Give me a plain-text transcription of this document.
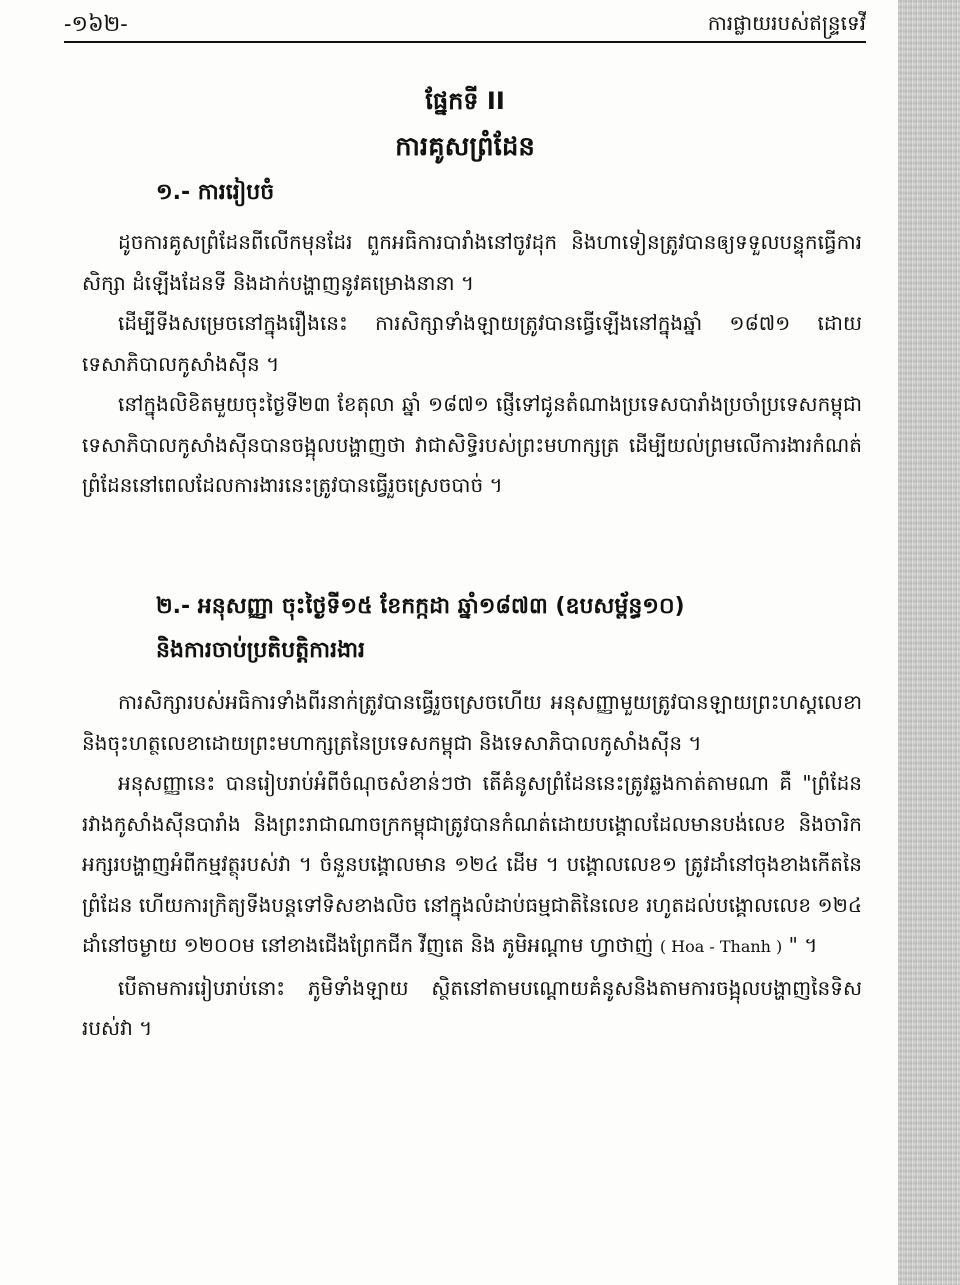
-១៦២-	ការផ្លាយរបស់ឥន្ទ្រទេវី
ផ្នែកទី II
ការគូសព្រំដែន
១.- ការរៀបចំ

ដូចការគូសព្រំដែនពីលើកមុនដែរ ពួកអធិការបារាំងនៅចូវដុក និងហាទៀនត្រូវបានឲ្យទទួលបន្ទុកធ្វើការសិក្សា ដំឡើងដែនទី និងដាក់បង្ហាញនូវគម្រោងនានា ។

ដើម្បីទីងសម្រេចនៅក្នុងរឿងនេះ ការសិក្សាទាំងឡាយត្រូវបានធ្វើឡើងនៅក្នុងឆ្នាំ ១៨៧១ ដោយទេសាភិបាលកូសាំងស៊ីន ។

នៅក្នុងលិខិតមួយចុះថ្ងៃទី២៣ ខែតុលា ឆ្នាំ ១៨៧១ ផ្ញើទៅជូនតំណាងប្រទេសបារាំងប្រចាំប្រទេសកម្ពុជា ទេសាភិបាលកូសាំងស៊ីនបានចង្អុលបង្ហាញថា វាជាសិទ្ធិរបស់ព្រះមហាក្សត្រ ដើម្បីយល់ព្រមលើការងារកំណត់ព្រំដែននៅពេលដែលការងារនេះត្រូវបានធ្វើរួចស្រេចបាច់ ។

២.- អនុសញ្ញា ចុះថ្ងៃទី១៥ ខែកក្កដា ឆ្នាំ១៨៧៣ (ឧបសម្ព័ន្ធ១០)
និងការចាប់ប្រតិបត្តិការងារ

ការសិក្សារបស់អធិការទាំងពីរនាក់ត្រូវបានធ្វើរួចស្រេចហើយ អនុសញ្ញាមួយត្រូវបានឡាយព្រះហស្តលេខា និងចុះហត្ថលេខាដោយព្រះមហាក្សត្រនៃប្រទេសកម្ពុជា និងទេសាភិបាលកូសាំងស៊ីន ។

អនុសញ្ញានេះ បានរៀបរាប់អំពីចំណុចសំខាន់ៗថា តើគំនូសព្រំដែននេះត្រូវឆ្លងកាត់តាមណា គឺ "ព្រំដែនរវាងកូសាំងស៊ីនបារាំង និងព្រះរាជាណាចក្រកម្ពុជាត្រូវបានកំណត់ដោយបង្គោលដែលមានបង់លេខ និងចារិកអក្សរបង្ហាញអំពីកម្មវត្ថុរបស់វា ។ ចំនួនបង្គោលមាន ១២៤ ដើម ។ បង្គោលលេខ១ ត្រូវដាំនៅចុងខាងកើតនៃព្រំដែន ហើយការក្រិត្យទីងបន្តទៅទិសខាងលិច នៅក្នុងលំដាប់ធម្មជាតិនៃលេខ រហូតដល់បង្គោលលេខ ១២៤ ដាំនៅចម្ងាយ ១២០០ម នៅខាងជើងព្រែកជីក វីញតេ និង ភូមិអណ្ដាម ហ្វាថាញ់ ( Hoa - Thanh ) " ។

បើតាមការរៀបរាប់នោះ ភូមិទាំងឡាយ ស្ថិតនៅតាមបណ្ដោយគំនូសនិងតាមការចង្អុលបង្ហាញនៃទិសរបស់វា ។
